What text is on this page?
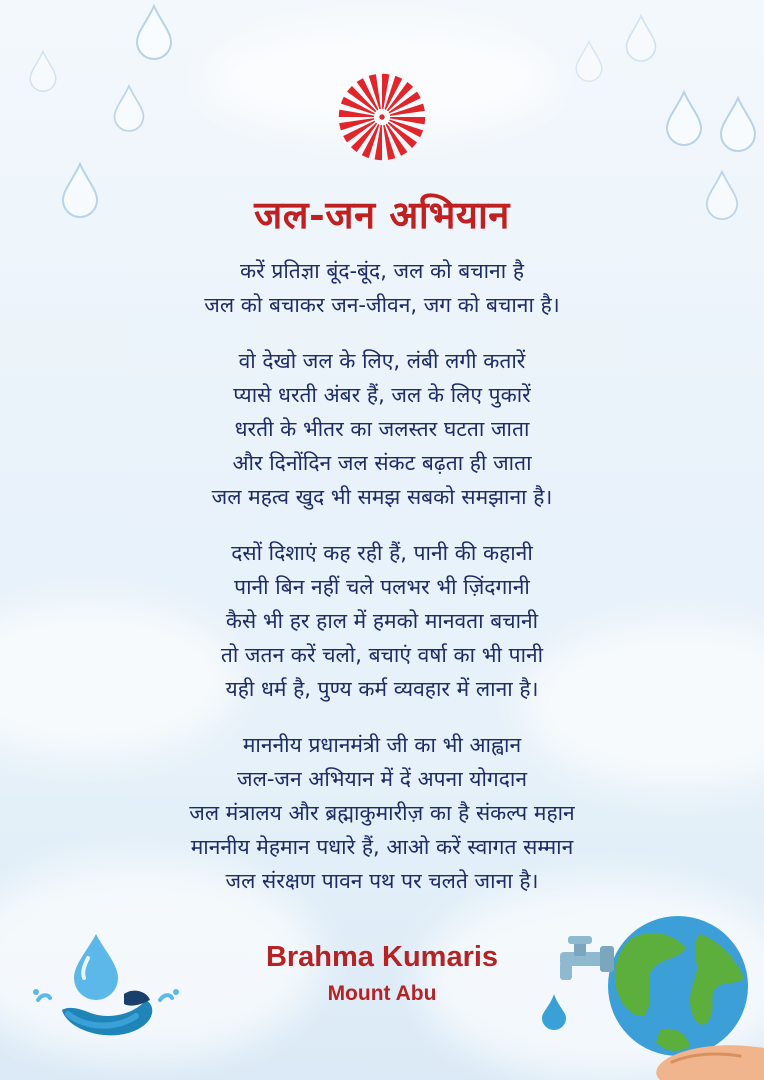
जल-जन अभियान
करें प्रतिज्ञा बूंद-बूंद, जल को बचाना है
जल को बचाकर जन-जीवन, जग को बचाना है।
वो देखो जल के लिए, लंबी लगी कतारें
प्यासे धरती अंबर हैं, जल के लिए पुकारें
धरती के भीतर का जलस्तर घटता जाता
और दिनोंदिन जल संकट बढ़ता ही जाता
जल महत्व खुद भी समझ सबको समझाना है।
दसों दिशाएं कह रही हैं, पानी की कहानी
पानी बिन नहीं चले पलभर भी ज़िंदगानी
कैसे भी हर हाल में हमको मानवता बचानी
तो जतन करें चलो, बचाएं वर्षा का भी पानी
यही धर्म है, पुण्य कर्म व्यवहार में लाना है।
माननीय प्रधानमंत्री जी का भी आह्वान
जल-जन अभियान में दें अपना योगदान
जल मंत्रालय और ब्रह्माकुमारीज़ का है संकल्प महान
माननीय मेहमान पधारे हैं, आओ करें स्वागत सम्मान
जल संरक्षण पावन पथ पर चलते जाना है।
Brahma Kumaris
Mount Abu
